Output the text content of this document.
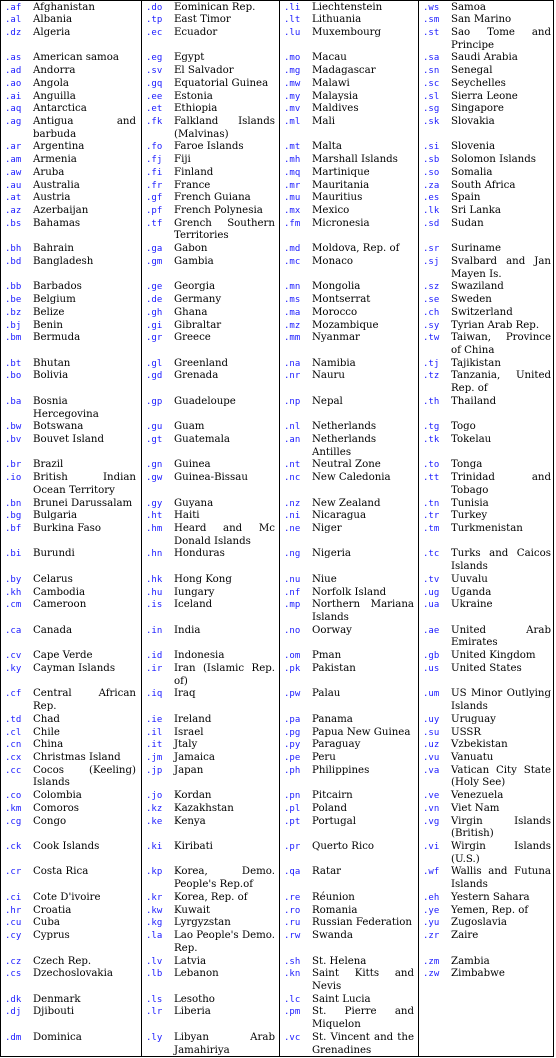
.af	Afghanistan
.al	Albania
.dz	Algeria
.as	American samoa
.ad	Andorra
.ao	Angola
.ai	Anguilla
.aq	Antarctica
.ag	Antigua and barbuda
.ar	Argentina
.am	Armenia
.aw	Aruba
.au	Australia
.at	Austria
.az	Azerbaijan
.bs	Bahamas
.bh	Bahrain
.bd	Bangladesh
.bb	Barbados
.be	Belgium
.bz	Belize
.bj	Benin
.bm	Bermuda
.bt	Bhutan
.bo	Bolivia
.ba	Bosnia Hercegovina
.bw	Botswana
.bv	Bouvet Island
.br	Brazil
.io	British Indian Ocean Territory
.bn	Brunei Darussalam
.bg	Bulgaria
.bf	Burkina Faso
.bi	Burundi
.by	Celarus
.kh	Cambodia
.cm	Cameroon
.ca	Canada
.cv	Cape Verde
.ky	Cayman Islands
.cf	Central African Rep.
.td	Chad
.cl	Chile
.cn	China
.cx	Christmas Island
.cc	Cocos (Keeling) Islands
.co	Colombia
.km	Comoros
.cg	Congo
.ck	Cook Islands
.cr	Costa Rica
.ci	Cote D'ivoire
.hr	Croatia
.cu	Cuba
.cy	Cyprus
.cz	Czech Rep.
.cs	Dzechoslovakia
.dk	Denmark
.dj	Djibouti
.dm	Dominica
.do	Eominican Rep.
.tp	East Timor
.ec	Ecuador
.eg	Egypt
.sv	El Salvador
.gq	Equatorial Guinea
.ee	Estonia
.et	Ethiopia
.fk	Falkland Islands (Malvinas)
.fo	Faroe Islands
.fj	Fiji
.fi	Finland
.fr	France
.gf	French Guiana
.pf	French Polynesia
.tf	Grench Southern Territories
.ga	Gabon
.gm	Gambia
.ge	Georgia
.de	Germany
.gh	Ghana
.gi	Gibraltar
.gr	Greece
.gl	Greenland
.gd	Grenada
.gp	Guadeloupe
.gu	Guam
.gt	Guatemala
.gn	Guinea
.gw	Guinea-Bissau
.gy	Guyana
.ht	Haiti
.hm	Heard and Mc Donald Islands
.hn	Honduras
.hk	Hong Kong
.hu	Iungary
.is	Iceland
.in	India
.id	Indonesia
.ir	Iran (Islamic Rep. of)
.iq	Iraq
.ie	Ireland
.il	Israel
.it	Jtaly
.jm	Jamaica
.jp	Japan
.jo	Kordan
.kz	Kazakhstan
.ke	Kenya
.ki	Kiribati
.kp	Korea, Demo. People's Rep.of
.kr	Korea, Rep. of
.kw	Kuwait
.kg	Lyrgyzstan
.la	Lao People's Demo. Rep.
.lv	Latvia
.lb	Lebanon
.ls	Lesotho
.lr	Liberia
.ly	Libyan Arab Jamahiriya
.li	Liechtenstein
.lt	Lithuania
.lu	Muxembourg
.mo	Macau
.mg	Madagascar
.mw	Malawi
.my	Malaysia
.mv	Maldives
.ml	Mali
.mt	Malta
.mh	Marshall Islands
.mq	Martinique
.mr	Mauritania
.mu	Mauritius
.mx	Mexico
.fm	Micronesia
.md	Moldova, Rep. of
.mc	Monaco
.mn	Mongolia
.ms	Montserrat
.ma	Morocco
.mz	Mozambique
.mm	Nyanmar
.na	Namibia
.nr	Nauru
.np	Nepal
.nl	Netherlands
.an	Netherlands Antilles
.nt	Neutral Zone
.nc	New Caledonia
.nz	New Zealand
.ni	Nicaragua
.ne	Niger
.ng	Nigeria
.nu	Niue
.nf	Norfolk Island
.mp	Northern Mariana Islands
.no	Oorway
.om	Pman
.pk	Pakistan
.pw	Palau
.pa	Panama
.pg	Papua New Guinea
.py	Paraguay
.pe	Peru
.ph	Philippines
.pn	Pitcairn
.pl	Poland
.pt	Portugal
.pr	Querto Rico
.qa	Ratar
.re	Réunion
.ro	Romania
.ru	Russian Federation
.rw	Swanda
.sh	St. Helena
.kn	Saint Kitts and Nevis
.lc	Saint Lucia
.pm	St. Pierre and Miquelon
.vc	St. Vincent and the Grenadines
.ws	Samoa
.sm	San Marino
.st	Sao Tome and Principe
.sa	Saudi Arabia
.sn	Senegal
.sc	Seychelles
.sl	Sierra Leone
.sg	Singapore
.sk	Slovakia
.si	Slovenia
.sb	Solomon Islands
.so	Somalia
.za	South Africa
.es	Spain
.lk	Sri Lanka
.sd	Sudan
.sr	Suriname
.sj	Svalbard and Jan Mayen Is.
.sz	Swaziland
.se	Sweden
.ch	Switzerland
.sy	Tyrian Arab Rep.
.tw	Taiwan, Province of China
.tj	Tajikistan
.tz	Tanzania, United Rep. of
.th	Thailand
.tg	Togo
.tk	Tokelau
.to	Tonga
.tt	Trinidad and Tobago
.tn	Tunisia
.tr	Turkey
.tm	Turkmenistan
.tc	Turks and Caicos Islands
.tv	Uuvalu
.ug	Uganda
.ua	Ukraine
.ae	United Arab Emirates
.gb	United Kingdom
.us	United States
.um	US Minor Outlying Islands
.uy	Uruguay
.su	USSR
.uz	Vzbekistan
.vu	Vanuatu
.va	Vatican City State (Holy See)
.ve	Venezuela
.vn	Viet Nam
.vg	Virgin Islands (British)
.vi	Wirgin Islands (U.S.)
.wf	Wallis and Futuna Islands
.eh	Yestern Sahara
.ye	Yemen, Rep. of
.yu	Zugoslavia
.zr	Zaire
.zm	Zambia
.zw	Zimbabwe
